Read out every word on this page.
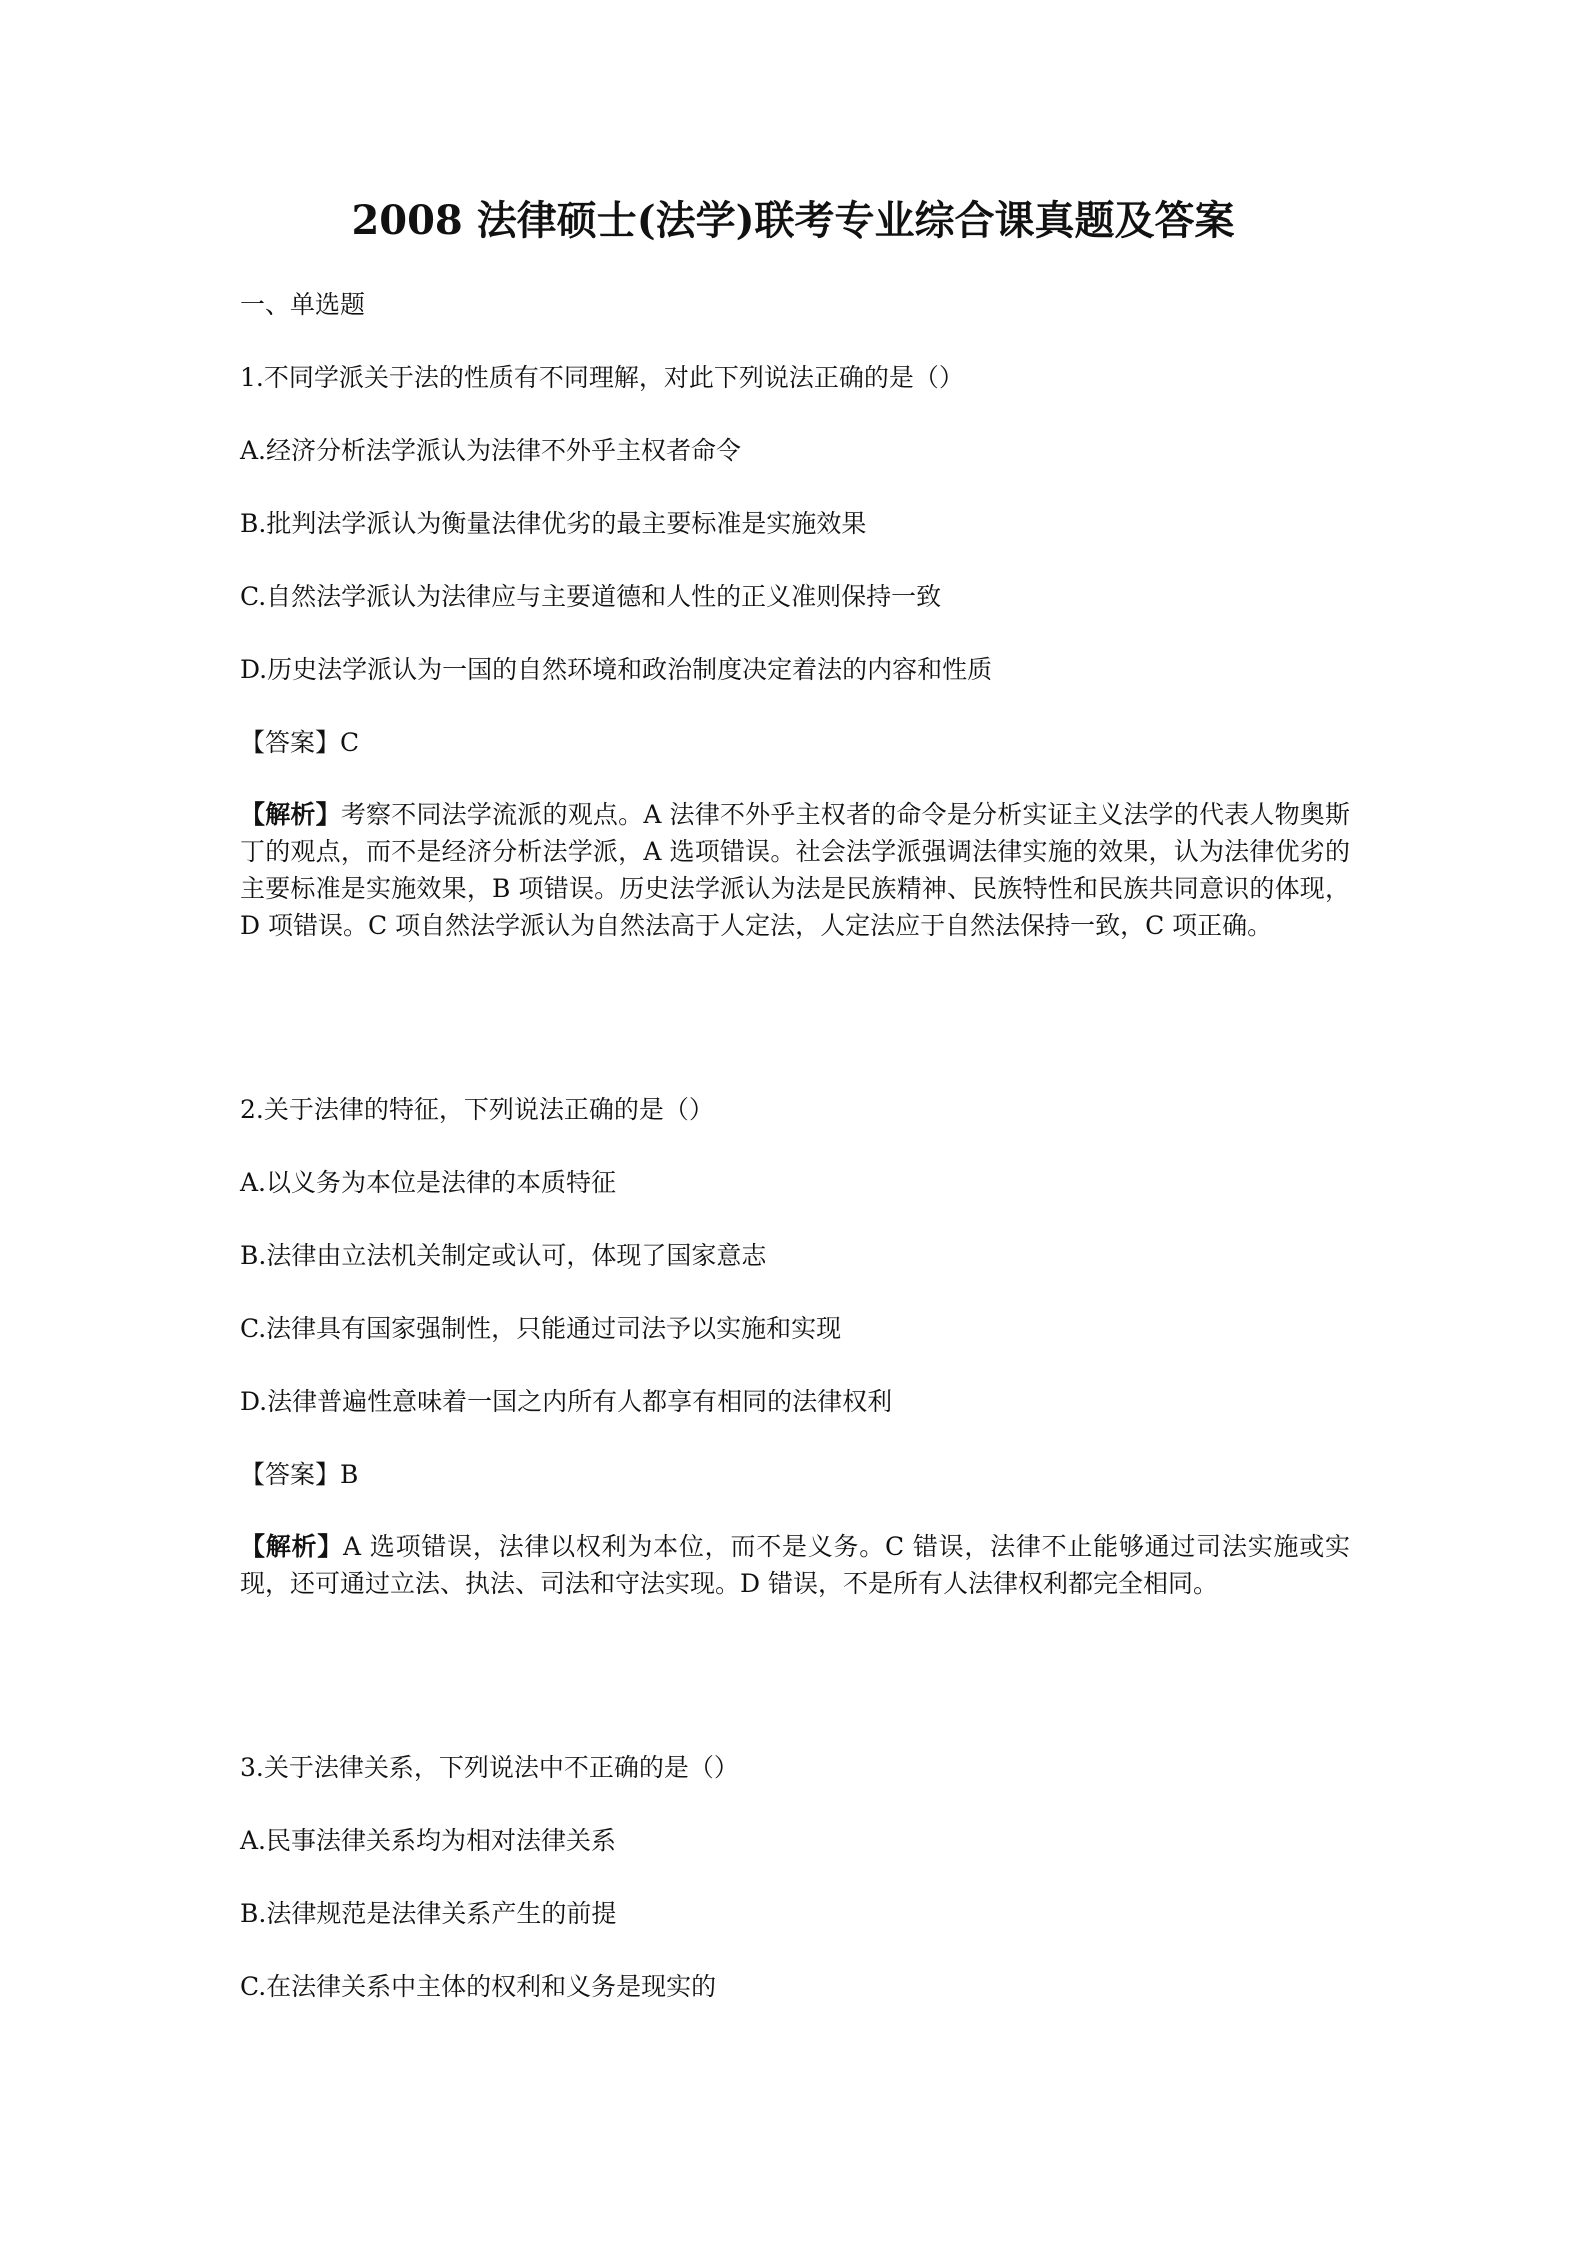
2008 法律硕士(法学)联考专业综合课真题及答案
一、单选题
1.不同学派关于法的性质有不同理解，对此下列说法正确的是（）
A.经济分析法学派认为法律不外乎主权者命令
B.批判法学派认为衡量法律优劣的最主要标准是实施效果
C.自然法学派认为法律应与主要道德和人性的正义准则保持一致
D.历史法学派认为一国的自然环境和政治制度决定着法的内容和性质
【答案】C
【解析】考察不同法学流派的观点。A 法律不外乎主权者的命令是分析实证主义法学的代表人物奥斯丁的观点，而不是经济分析法学派，A 选项错误。社会法学派强调法律实施的效果，认为法律优劣的主要标准是实施效果，B 项错误。历史法学派认为法是民族精神、民族特性和民族共同意识的体现，D 项错误。C 项自然法学派认为自然法高于人定法，人定法应于自然法保持一致，C 项正确。
2.关于法律的特征，下列说法正确的是（）
A.以义务为本位是法律的本质特征
B.法律由立法机关制定或认可，体现了国家意志
C.法律具有国家强制性，只能通过司法予以实施和实现
D.法律普遍性意味着一国之内所有人都享有相同的法律权利
【答案】B
【解析】A 选项错误，法律以权利为本位，而不是义务。C 错误，法律不止能够通过司法实施或实现，还可通过立法、执法、司法和守法实现。D 错误，不是所有人法律权利都完全相同。
3.关于法律关系，下列说法中不正确的是（）
A.民事法律关系均为相对法律关系
B.法律规范是法律关系产生的前提
C.在法律关系中主体的权利和义务是现实的
